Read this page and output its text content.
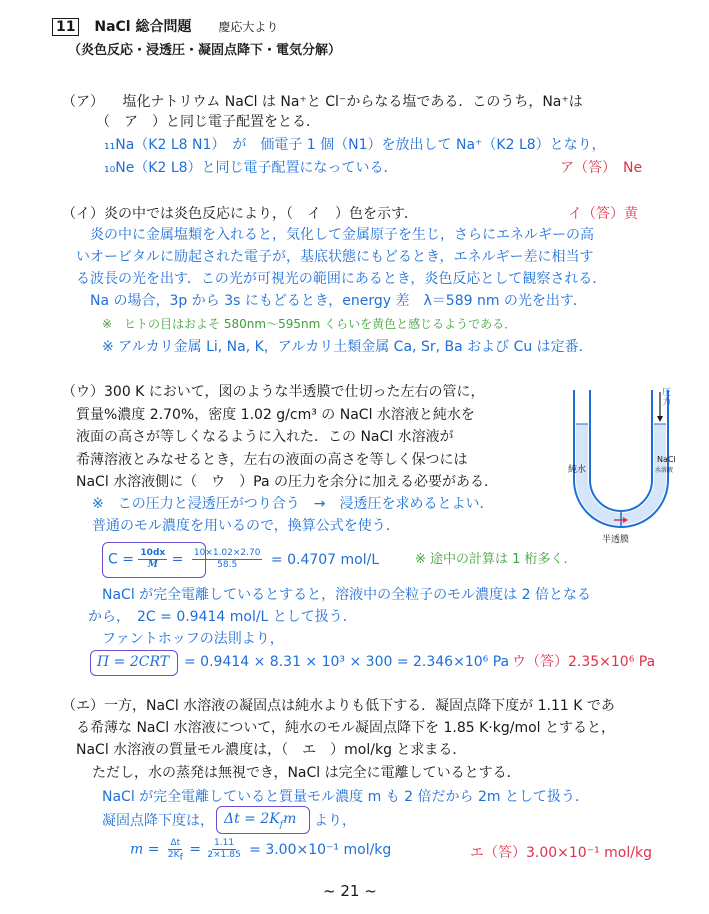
11 NaCl 総合問題 慶応大より
（炎色反応・浸透圧・凝固点降下・電気分解）
（ア） 塩化ナトリウム NaCl は Na⁺と Cl⁻からなる塩である．このうち，Na⁺は
（　ア　）と同じ電子配置をとる．
₁₁Na（K2 L8 N1）　が　価電子 1 個（N1）を放出して Na⁺（K2 L8）となり，
₁₀Ne（K2 L8）と同じ電子配置になっている．	ア（答）　Ne
（イ）炎の中では炎色反応により，（　イ　）色を示す．	イ（答）黄
炎の中に金属塩類を入れると，気化して金属原子を生じ，さらにエネルギーの高
いオービタルに励起された電子が，基底状態にもどるとき，エネルギー差に相当す
る波長の光を出す．この光が可視光の範囲にあるとき，炎色反応として観察される．
Na の場合，3p から 3s にもどるとき，energy 差　λ＝589 nm の光を出す．
※　ヒトの目はおよそ 580nm〜595nm くらいを黄色と感じるようである．
※ アルカリ金属 Li, Na, K，アルカリ土類金属 Ca, Sr, Ba および Cu は定番．
（ウ）300 K において，図のような半透膜で仕切った左右の管に，
質量%濃度 2.70%，密度 1.02 g/cm³ の NaCl 水溶液と純水を
液面の高さが等しくなるように入れた．この NaCl 水溶液が
希薄溶液とみなせるとき，左右の液面の高さを等しく保つには
NaCl 水溶液側に（　ウ　）Pa の圧力を余分に加える必要がある．
※　この圧力と浸透圧がつり合う　→　浸透圧を求めるとよい．
普通のモル濃度を用いるので，換算公式を使う．
圧力
純水
NaCl
水溶液
半透膜
$C = \frac{10dx}{M} = \frac{10\times 1.02\times 2.70}{58.5} = 0.4707$ mol/L	※ 途中の計算は 1 桁多く.
NaCl が完全電離しているとすると，溶液中の全粒子のモル濃度は 2 倍となる
から，　2C = 0.9414 mol/L として扱う．
ファントホッフの法則より，
Π = 2CRT = 0.9414 × 8.31 × 10³ × 300 = 2.346×10⁶ Pa ウ（答）2.35×10⁶ Pa
（エ）一方，NaCl 水溶液の凝固点は純水よりも低下する．凝固点降下度が 1.11 K であ
る希薄な NaCl 水溶液について，純水のモル凝固点降下を 1.85 K·kg/mol とすると，
NaCl 水溶液の質量モル濃度は，（　エ　）mol/kg と求まる．
ただし，水の蒸発は無視でき，NaCl は完全に電離しているとする．
NaCl が完全電離していると質量モル濃度 m も 2 倍だから 2m として扱う．
凝固点降下度は， $\Delta t = 2K_fm$ より，
$m = \frac{\Delta t}{2K_f} = \frac{1.11}{2\times 1.85} = 3.00\times 10^{-1}$ mol/kg	エ（答）3.00×10⁻¹ mol/kg
~ 21 ~
